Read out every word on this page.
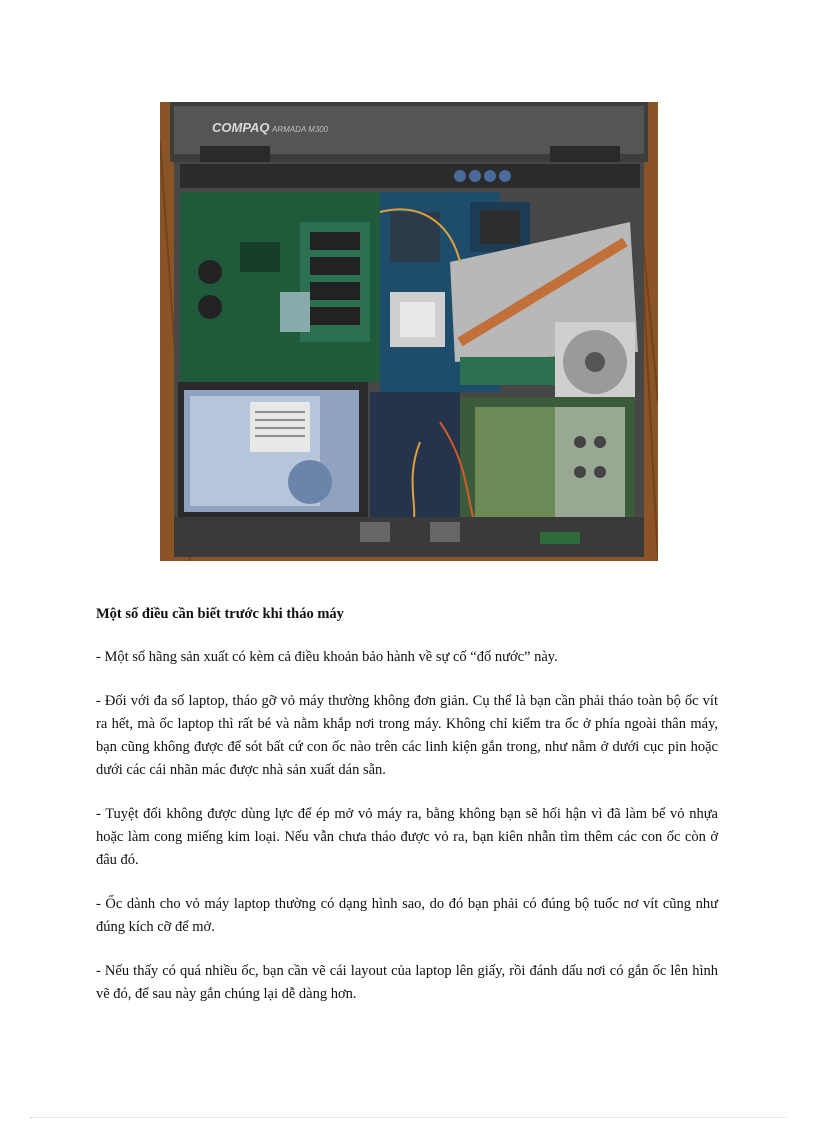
COMPAQ ARMADA M300
Một số điều cần biết trước khi tháo máy

- Một số hãng sản xuất có kèm cả điều khoản bảo hành về sự cố “đổ nước” này.

- Đối với đa số laptop, tháo gỡ vỏ máy thường không đơn giản. Cụ thể là bạn cần phải tháo toàn bộ ốc vít ra hết, mà ốc laptop thì rất bé và nằm khắp nơi trong máy. Không chỉ kiểm tra ốc ở phía ngoài thân máy, bạn cũng không được để sót bất cứ con ốc nào trên các linh kiện gắn trong, như nằm ở dưới cục pin hoặc dưới các cái nhãn mác được nhà sản xuất dán sẵn.

- Tuyệt đối không được dùng lực để ép mở vỏ máy ra, bằng không bạn sẽ hối hận vì đã làm bể vỏ nhựa hoặc làm cong miếng kim loại. Nếu vẫn chưa tháo được vỏ ra, bạn kiên nhẫn tìm thêm các con ốc còn ở đâu đó.

- Ốc dành cho vỏ máy laptop thường có dạng hình sao, do đó bạn phải có đúng bộ tuốc nơ vít cũng như đúng kích cỡ để mở.

- Nếu thấy có quá nhiều ốc, bạn cần vẽ cái layout của laptop lên giấy, rồi đánh dấu nơi có gắn ốc lên hình vẽ đó, để sau này gắn chúng lại dễ dàng hơn.
